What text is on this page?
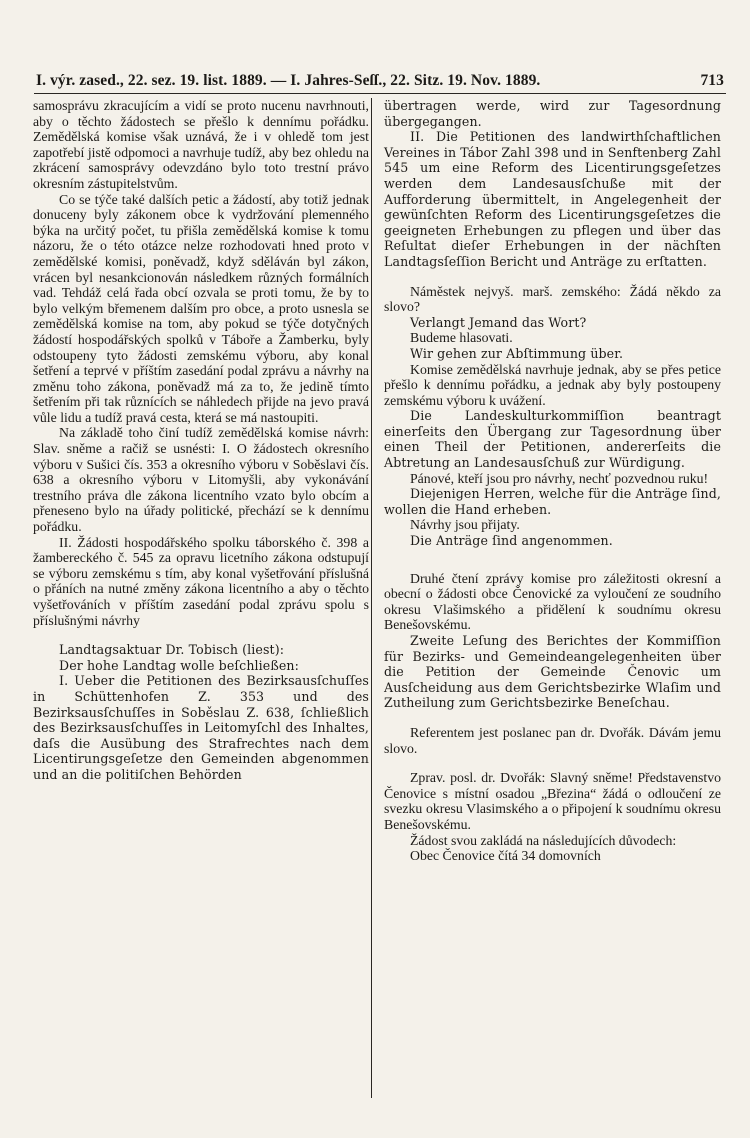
I. výr. zased., 22. sez. 19. list. 1889. — I. Jahres-Seſſ., 22. Sitz. 19. Nov. 1889.	713

samosprávu zkracujícím a vidí se proto nucenu navrhnouti, aby o těchto žádostech se přešlo k dennímu pořádku. Zemědělská komise však uznává, že i v ohledě tom jest zapotřebí jistě odpomoci a navrhuje tudíž, aby bez ohledu na zkrácení samosprávy odevzdáno bylo toto trestní právo okresním zástupitelstvům.

Co se týče také dalších petic a žádostí, aby totiž jednak donuceny byly zákonem obce k vydržování plemenného býka na určitý počet, tu přišla zemědělská komise k tomu názoru, že o této otázce nelze rozhodovati hned proto v zemědělské komisi, poněvadž, když sděláván byl zákon, vrácen byl nesankcionován následkem různých formálních vad. Tehdáž celá řada obcí ozvala se proti tomu, že by to bylo velkým břemenem dalším pro obce, a proto usnesla se zemědělská komise na tom, aby pokud se týče dotyčných žádostí hospodářských spolků v Táboře a Žamberku, byly odstoupeny tyto žádosti zemskému výboru, aby konal šetření a teprvé v příštím zasedání podal zprávu a návrhy na změnu toho zákona, poněvadž má za to, že jedině tímto šetřením při tak různících se náhledech přijde na jevo pravá vůle lidu a tudíž pravá cesta, která se má nastoupiti.

Na základě toho činí tudíž zemědělská komise návrh: Slav. sněme a račiž se usnésti: I. O žádostech okresního výboru v Sušici čís. 353 a okresního výboru v Soběslavi čís. 638 a okresního výboru v Litomyšli, aby vykonávání trestního práva dle zákona licentního vzato bylo obcím a přeneseno bylo na úřady politické, přechází se k dennímu pořádku.

II. Žádosti hospodářského spolku táborského č. 398 a žambereckého č. 545 za opravu licetního zákona odstupují se výboru zemskému s tím, aby konal vyšetřování příslušná o přáních na nutné změny zákona licentního a aby o těchto vyšetřováních v příštím zasedání podal zprávu spolu s příslušnými návrhy

Landtagsaktuar Dr. Tobisch (liest):

Der hohe Landtag wolle beſchließen:

I. Ueber die Petitionen des Bezirksausſchuſſes in Schüttenhofen Z. 353 und des Bezirksausſchuſſes in Soběslau Z. 638, ſchließlich des Bezirksausſchuſſes in Leitomyſchl des Inhaltes, daſs die Ausübung des Strafrechtes nach dem Licentirungsgeſetze den Gemeinden abgenommen und an die politiſchen Behörden

übertragen werde, wird zur Tagesordnung übergegangen.

II. Die Petitionen des landwirthſchaftlichen Vereines in Tábor Zahl 398 und in Senftenberg Zahl 545 um eine Reform des Licentirungsgeſetzes werden dem Landesausſchuße mit der Aufforderung übermittelt, in Angelegenheit der gewünſchten Reform des Licentirungsgeſetzes die geeigneten Erhebungen zu pflegen und über das Reſultat dieſer Erhebungen in der nächſten Landtagsſeſſion Bericht und Anträge zu erſtatten.

Náměstek nejvyš. marš. zemského: Žádá někdo za slovo?

Verlangt Jemand das Wort?

Budeme hlasovati.

Wir gehen zur Abſtimmung über.

Komise zemědělská navrhuje jednak, aby se přes petice přešlo k dennímu pořádku, a jednak aby byly postoupeny zemskému výboru k uvážení.

Die Landeskulturkommiſſion beantragt einerſeits den Übergang zur Tagesordnung über einen Theil der Petitionen, andererſeits die Abtretung an Landesausſchuß zur Würdigung.

Pánové, kteří jsou pro návrhy, nechť pozvednou ruku!

Diejenigen Herren, welche für die Anträge ſind, wollen die Hand erheben.

Návrhy jsou přijaty.

Die Anträge ſind angenommen.

Druhé čtení zprávy komise pro záležitosti okresní a obecní o žádosti obce Čenovické za vyloučení ze soudního okresu Vlašimského a přidělení k soudnímu okresu Benešovskému.

Zweite Leſung des Berichtes der Kommiſſion für Bezirks- und Gemeindeangelegenheiten über die Petition der Gemeinde Čenovic um Ausſcheidung aus dem Gerichtsbezirke Wlaſim und Zutheilung zum Gerichtsbezirke Beneſchau.

Referentem jest poslanec pan dr. Dvořák. Dávám jemu slovo.

Zprav. posl. dr. Dvořák: Slavný sněme! Představenstvo Čenovice s místní osadou „Březina“ žádá o odloučení ze svezku okresu Vlasimského a o připojení k soudnímu okresu Benešovskému.

Žádost svou zakládá na následujících důvodech:

Obec Čenovice čítá 34 domovních
